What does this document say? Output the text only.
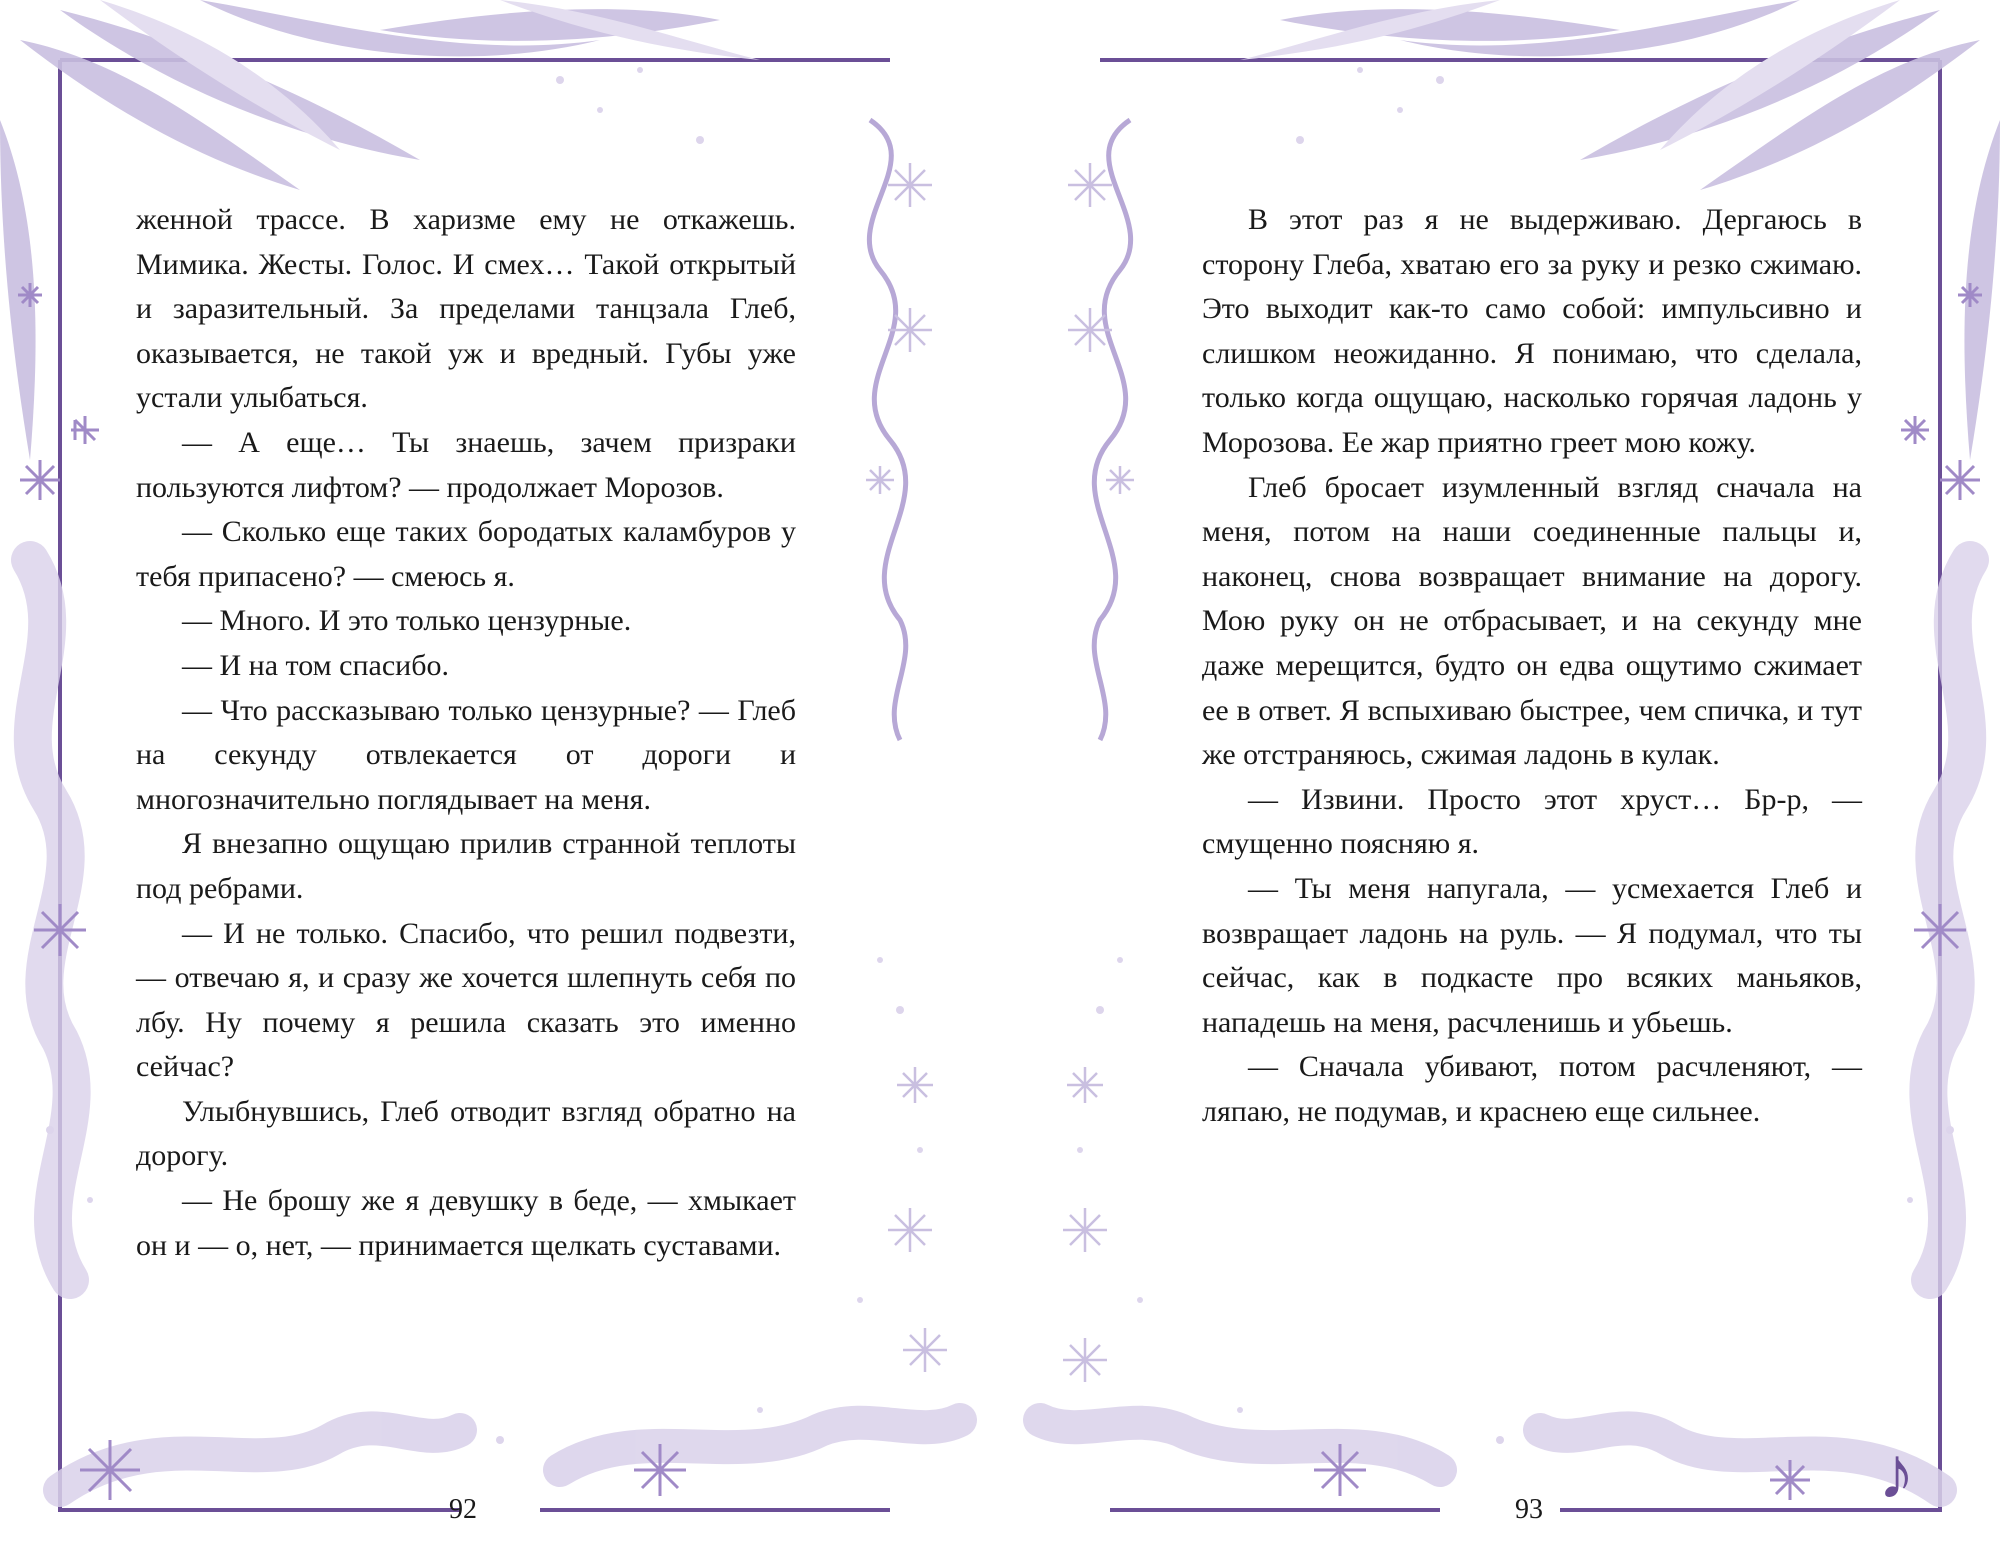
женной трассе. В харизме ему не откажешь. Мимика. Жесты. Голос. И смех… Такой открытый и заразительный. За пределами танцзала Глеб, оказывается, не такой уж и вредный. Губы уже устали улыбаться.

— А еще… Ты знаешь, зачем призраки пользуются лифтом? — продолжает Морозов.

— Сколько еще таких бородатых каламбуров у тебя припасено? — смеюсь я.

— Много. И это только цензурные.

— И на том спасибо.

— Что рассказываю только цензурные? — Глеб на секунду отвлекается от дороги и многозначительно поглядывает на меня.

Я внезапно ощущаю прилив странной теплоты под ребрами.

— И не только. Спасибо, что решил подвезти, — отвечаю я, и сразу же хочется шлепнуть себя по лбу. Ну почему я решила сказать это именно сейчас?

Улыбнувшись, Глеб отводит взгляд обратно на дорогу.

— Не брошу же я девушку в беде, — хмыкает он и — о, нет, — принимается щелкать суставами.

92

В этот раз я не выдерживаю. Дергаюсь в сторону Глеба, хватаю его за руку и резко сжимаю. Это выходит как-то само собой: импульсивно и слишком неожиданно. Я понимаю, что сделала, только когда ощущаю, насколько горячая ладонь у Морозова. Ее жар приятно греет мою кожу.

Глеб бросает изумленный взгляд сначала на меня, потом на наши соединенные пальцы и, наконец, снова возвращает внимание на дорогу. Мою руку он не отбрасывает, и на секунду мне даже мерещится, будто он едва ощутимо сжимает ее в ответ. Я вспыхиваю быстрее, чем спичка, и тут же отстраняюсь, сжимая ладонь в кулак.

— Извини. Просто этот хруст… Бр-р, — смущенно поясняю я.

— Ты меня напугала, — усмехается Глеб и возвращает ладонь на руль. — Я подумал, что ты сейчас, как в подкасте про всяких маньяков, нападешь на меня, расчленишь и убьешь.

— Сначала убивают, потом расчленяют, — ляпаю, не подумав, и краснею еще сильнее.

93	♪
